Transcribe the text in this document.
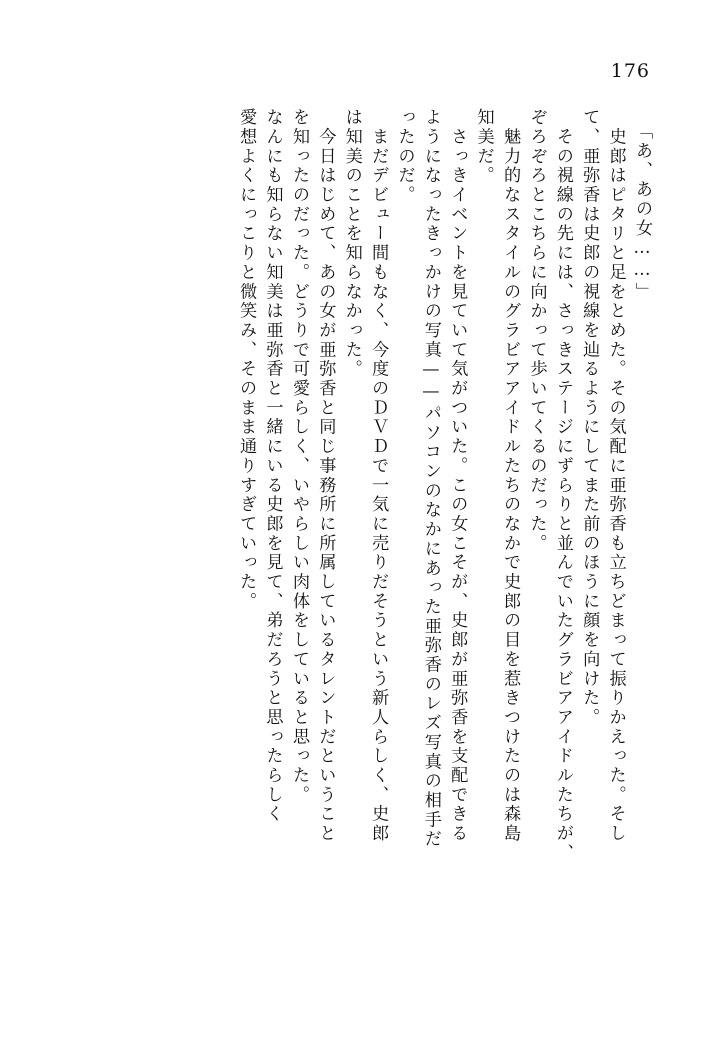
176
「あ、あの女……」
　史郎はピタリと足をとめた。その気配に亜弥香も立ちどまって振りかえった。そし
て、亜弥香は史郎の視線を辿るようにしてまた前のほうに顔を向けた。
　その視線の先には、さっきステージにずらりと並んでいたグラビアアイドルたちが、
ぞろぞろとこちらに向かって歩いてくるのだった。
　魅力的なスタイルのグラビアアイドルたちのなかで史郎の目を惹きつけたのは森島
知美だ。
　さっきイベントを見ていて気がついた。この女こそが、史郎が亜弥香を支配できる
ようになったきっかけの写真——パソコンのなかにあった亜弥香のレズ写真の相手だ
ったのだ。
　まだデビュー間もなく、今度のＤＶＤで一気に売りだそうという新人らしく、史郎
は知美のことを知らなかった。
　今日はじめて、あの女が亜弥香と同じ事務所に所属しているタレントだということ
を知ったのだった。どうりで可愛らしく、いやらしい肉体をしていると思った。
なんにも知らない知美は亜弥香と一緒にいる史郎を見て、弟だろうと思ったらしく
愛想よくにっこりと微笑み、そのまま通りすぎていった。
